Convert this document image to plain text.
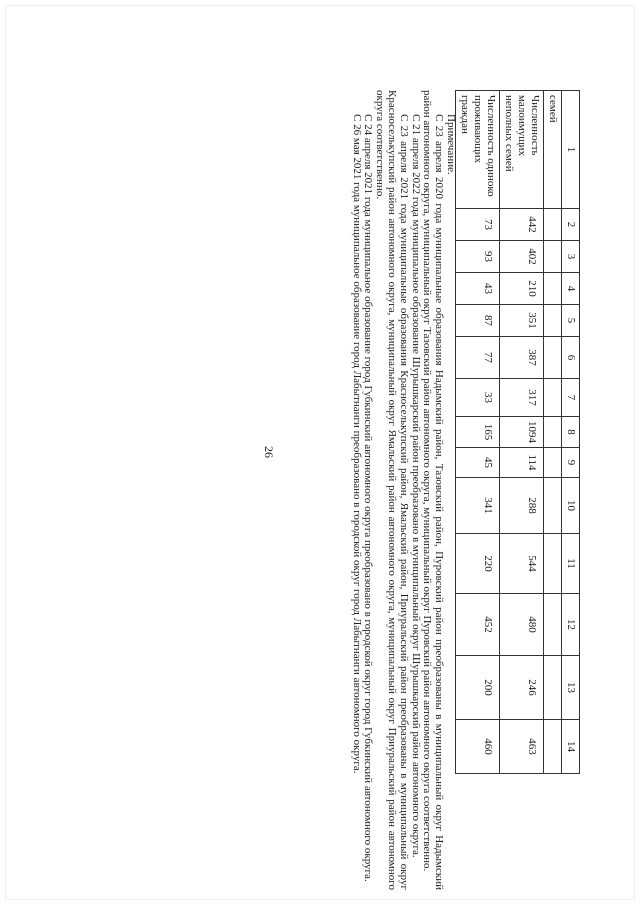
26
1	2	3	4	5	6	7	8	9	10	11	12	13	14
семей													
Численность малоимущих неполных семей	442	402	210	351	387	317	1094	114	288	544	480	246	463
Численность одиноко проживающих граждан	73	93	43	87	77	33	165	45	341	220	452	200	460

Примечание.

С 23 апреля 2020 года муниципальные образования Надымский район, Тазовский район, Пуровский район преобразованы в муниципальный округ Надымский район автономного округа, муниципальный округ Тазовский район автономного округа, муниципальный округ Пуровский район автономного округа соответственно.

С 21 апреля 2022 года муниципальное образование Шурышкарский район преобразовано в муниципальный округ Шурышкарский район автономного округа.

С 23 апреля 2021 года муниципальные образования Красноселькупский район, Ямальский район, Приуральский район преобразованы в муниципальный округ Красноселькупский район автономного округа, муниципальный округ Ямальский район автономного округа, муниципальный округ Приуральский район автономного округа соответственно.

С 24 апреля 2021 года муниципальное образование город Губкинский автономного округа преобразовано в городской округ город Губкинский автономного округа.

С 26 мая 2021 года муниципальное образование город Лабытнанги преобразовано в городской округ город Лабытнанги автономного округа.
